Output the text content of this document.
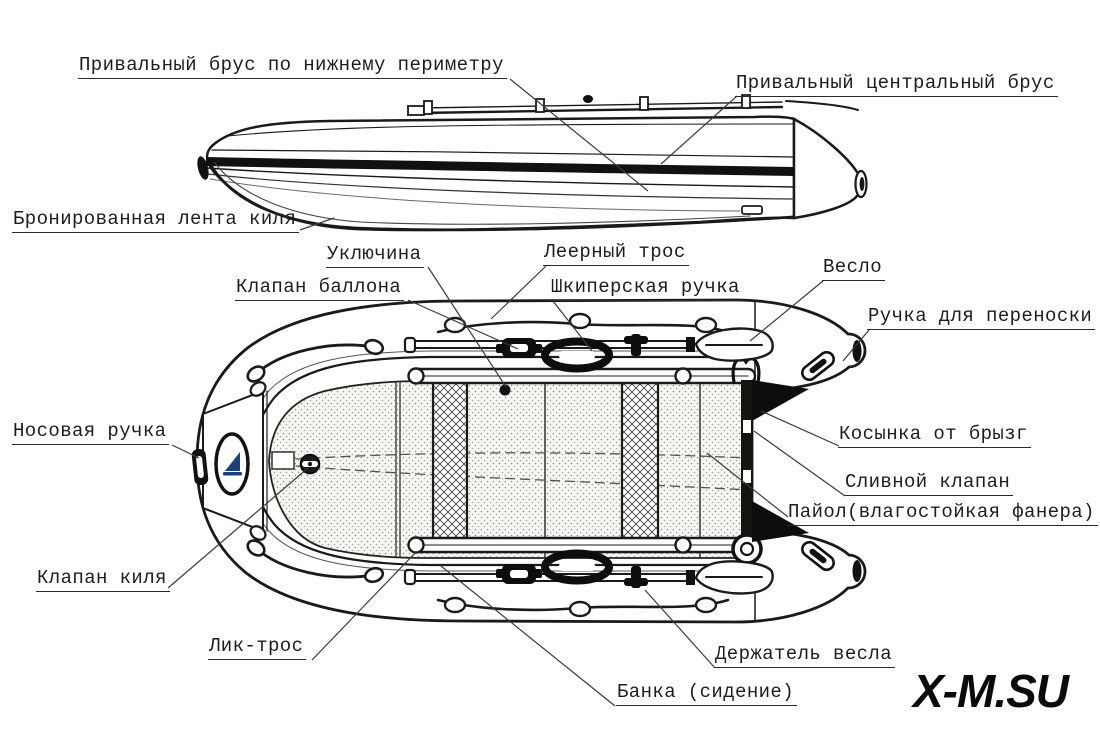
Привальный брус по нижнему периметру
Привальный центральный брус
Бронированная лента киля
Уключина
Клапан баллона
Леерный трос
Шкиперская ручка
Весло
Ручка для переноски
Носовая ручка
Клапан киля
Косынка от брызг
Сливной клапан
Пайол(влагостойкая фанера)
Лик-трос
Банка (сидение)
Держатель весла
X-M.SU
